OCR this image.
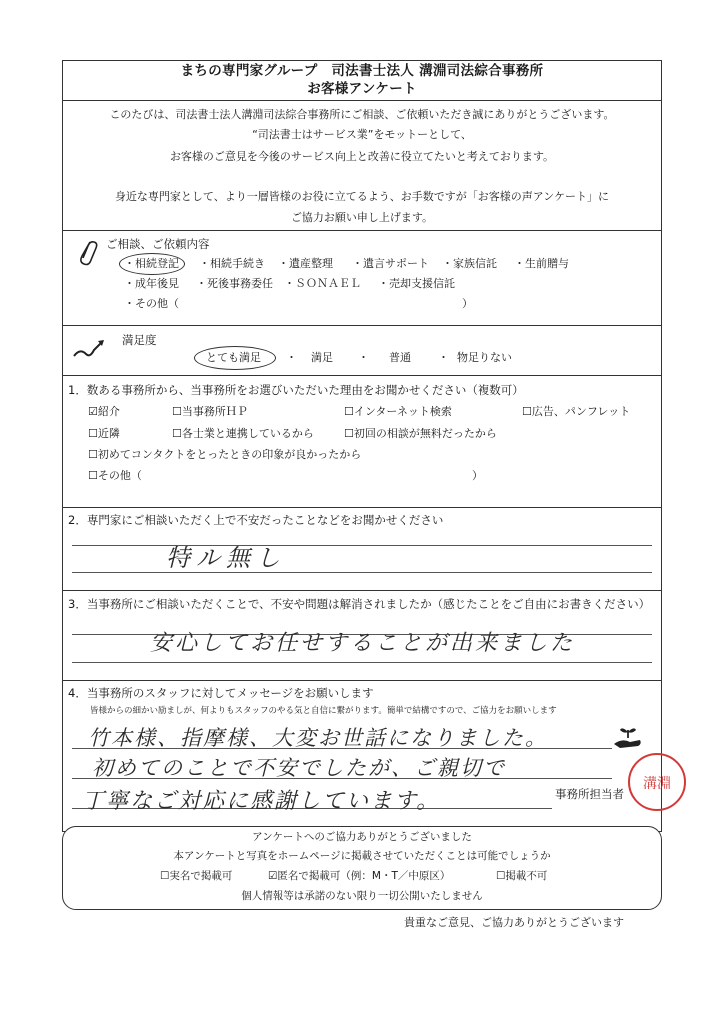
まちの専門家グループ　司法書士法人 溝淵司法綜合事務所
お客様アンケート
このたびは、司法書士法人溝淵司法綜合事務所にご相談、ご依頼いただき誠にありがとうございます。
“司法書士はサービス業”をモットーとして、
お客様のご意見を今後のサービス向上と改善に役立てたいと考えております。
身近な専門家として、より一層皆様のお役に立てるよう、お手数ですが「お客様の声アンケート」に
ご協力お願い申し上げます。
ご相談、ご依頼内容
・相続登記 ・相続手続き ・遺産整理 ・遺言サポート ・家族信託 ・生前贈与
・成年後見 ・死後事務委任 ・ＳＯＮＡＥＬ ・売却支援信託
・その他（	）
満足度
とても満足 ・ 満足 ・ 普通 ・ 物足りない
1．数ある事務所から、当事務所をお選びいただいた理由をお聞かせください（複数可）
☑紹介	☐当事務所ＨＰ	☐インターネット検索	☐広告、パンフレット
☐近隣	☐各士業と連携しているから	☐初回の相談が無料だったから
☐初めてコンタクトをとったときの印象が良かったから
☐その他（	）
2．専門家にご相談いただく上で不安だったことなどをお聞かせください
特ル無し
3．当事務所にご相談いただくことで、不安や問題は解消されましたか（感じたことをご自由にお書きください）
安心してお任せすることが出来ました
4．当事務所のスタッフに対してメッセージをお願いします
皆様からの細かい励ましが、何よりもスタッフのやる気と自信に繋がります。簡単で結構ですので、ご協力をお願いします
竹本様、指摩様、大変お世話になりました。
初めてのことで不安でしたが、ご親切で
丁寧なご対応に感謝しています。	事務所担当者
溝淵
アンケートへのご協力ありがとうございました
本アンケートと写真をホームページに掲載させていただくことは可能でしょうか
☐実名で掲載可	☑匿名で掲載可（例：M・T／中原区）	☐掲載不可
個人情報等は承諾のない限り一切公開いたしません
貴重なご意見、ご協力ありがとうございます
